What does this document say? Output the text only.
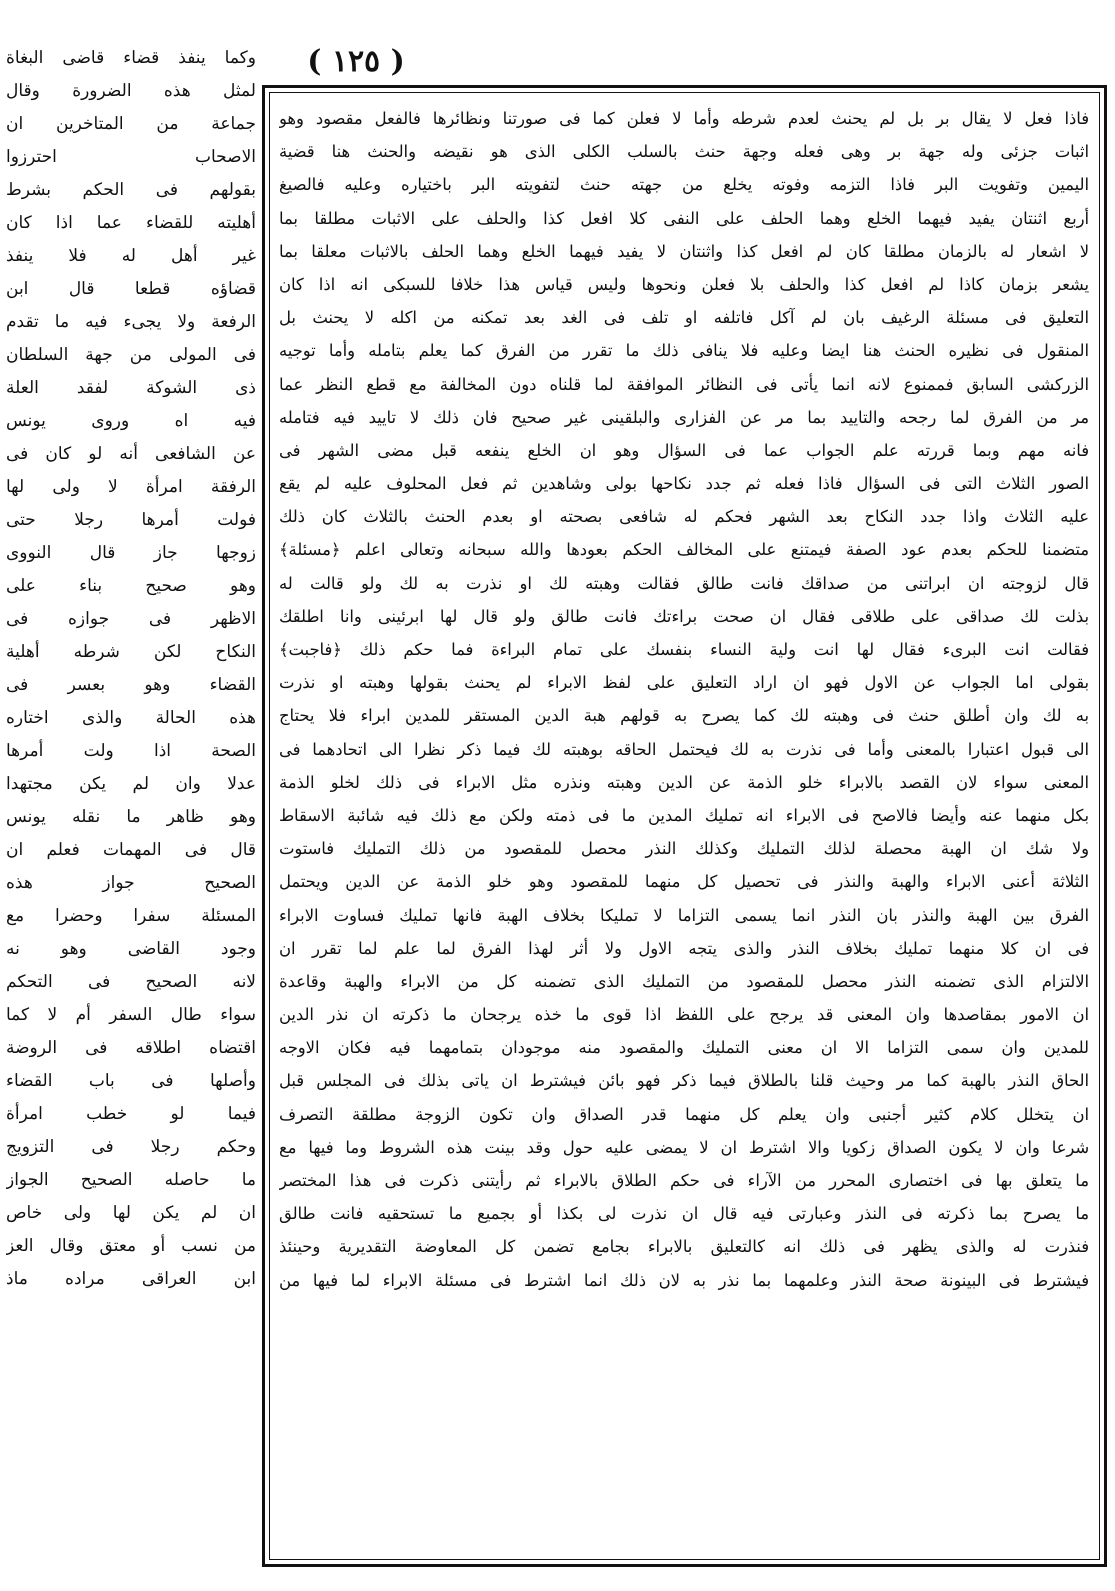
( ١٢٥ )
وكما ينفذ قضاء قاضى البغاة
لمثل هذه الضرورة وقال
جماعة من المتاخرين ان
الاصحاب احترزوا
بقولهم فى الحكم بشرط
أهليته للقضاء عما اذا كان
غير أهل له فلا ينفذ
قضاؤه قطعا قال ابن
الرفعة ولا يجىء فيه ما تقدم
فى المولى من جهة السلطان
ذى الشوكة لفقد العلة
فيه اه وروى يونس
عن الشافعى أنه لو كان فى
الرفقة امرأة لا ولى لها
فولت أمرها رجلا حتى
زوجها جاز قال النووى
وهو صحيح بناء على
الاظهر فى جوازه فى
النكاح لكن شرطه أهلية
القضاء وهو بعسر فى
هذه الحالة والذى اختاره
الصحة اذا ولت أمرها
عدلا وان لم يكن مجتهدا
وهو ظاهر ما نقله يونس
قال فى المهمات فعلم ان
الصحيح جواز هذه
المسئلة سفرا وحضرا مع
وجود القاضى وهو نه
لانه الصحيح فى التحكم
سواء طال السفر أم لا كما
اقتضاه اطلاقه فى الروضة
وأصلها فى باب القضاء
فيما لو خطب امرأة
وحكم رجلا فى التزويج
ما حاصله الصحيح الجواز
ان لم يكن لها ولى خاص
من نسب أو معتق وقال العز
ابن العراقى مراده ماذ
فاذا فعل لا يقال بر بل لم يحنث لعدم شرطه وأما لا فعلن كما فى صورتنا ونظائرها فالفعل مقصود وهو
اثبات جزئى وله جهة بر وهى فعله وجهة حنث بالسلب الكلى الذى هو نقيضه والحنث هنا قضية
اليمين وتفويت البر فاذا التزمه وفوته يخلع من جهته حنث لتفويته البر باختياره وعليه فالصيغ
أربع اثنتان يفيد فيهما الخلع وهما الحلف على النفى كلا افعل كذا والحلف على الاثبات مطلقا بما
لا اشعار له بالزمان مطلقا كان لم افعل كذا واثنتان لا يفيد فيهما الخلع وهما الحلف بالاثبات معلقا بما
يشعر بزمان كاذا لم افعل كذا والحلف بلا فعلن ونحوها وليس قياس هذا خلافا للسبكى انه اذا كان
التعليق فى مسئلة الرغيف بان لم آكل فاتلفه او تلف فى الغد بعد تمكنه من اكله لا يحنث بل
المنقول فى نظيره الحنث هنا ايضا وعليه فلا ينافى ذلك ما تقرر من الفرق كما يعلم بتامله وأما توجيه
الزركشى السابق فممنوع لانه انما يأتى فى النظائر الموافقة لما قلناه دون المخالفة مع قطع النظر عما
مر من الفرق لما رجحه والتاييد بما مر عن الفزارى والبلقينى غير صحيح فان ذلك لا تاييد فيه فتامله
فانه مهم وبما قررته علم الجواب عما فى السؤال وهو ان الخلع ينفعه قبل مضى الشهر فى
الصور الثلاث التى فى السؤال فاذا فعله ثم جدد نكاحها بولى وشاهدين ثم فعل المحلوف عليه لم يقع
عليه الثلاث واذا جدد النكاح بعد الشهر فحكم له شافعى بصحته او بعدم الحنث بالثلاث كان ذلك
متضمنا للحكم بعدم عود الصفة فيمتنع على المخالف الحكم بعودها والله سبحانه وتعالى اعلم ﴿مسئلة﴾
قال لزوجته ان ابراتنى من صداقك فانت طالق فقالت وهبته لك او نذرت به لك ولو قالت له
بذلت لك صداقى على طلاقى فقال ان صحت براءتك فانت طالق ولو قال لها ابرئينى وانا اطلقك
فقالت انت البرىء فقال لها انت ولية النساء بنفسك على تمام البراءة فما حكم ذلك ﴿فاجبت﴾
بقولى اما الجواب عن الاول فهو ان اراد التعليق على لفظ الابراء لم يحنث بقولها وهبته او نذرت
به لك وان أطلق حنث فى وهبته لك كما يصرح به قولهم هبة الدين المستقر للمدين ابراء فلا يحتاج
الى قبول اعتبارا بالمعنى وأما فى نذرت به لك فيحتمل الحاقه بوهبته لك فيما ذكر نظرا الى اتحادهما فى
المعنى سواء لان القصد بالابراء خلو الذمة عن الدين وهبته ونذره مثل الابراء فى ذلك لخلو الذمة
بكل منهما عنه وأيضا فالاصح فى الابراء انه تمليك المدين ما فى ذمته ولكن مع ذلك فيه شائبة الاسقاط
ولا شك ان الهبة محصلة لذلك التمليك وكذلك النذر محصل للمقصود من ذلك التمليك فاستوت
الثلاثة أعنى الابراء والهبة والنذر فى تحصيل كل منهما للمقصود وهو خلو الذمة عن الدين ويحتمل
الفرق بين الهبة والنذر بان النذر انما يسمى التزاما لا تمليكا بخلاف الهبة فانها تمليك فساوت الابراء
فى ان كلا منهما تمليك بخلاف النذر والذى يتجه الاول ولا أثر لهذا الفرق لما علم لما تقرر ان
الالتزام الذى تضمنه النذر محصل للمقصود من التمليك الذى تضمنه كل من الابراء والهبة وقاعدة
ان الامور بمقاصدها وان المعنى قد يرجح على اللفظ اذا قوى ما خذه يرجحان ما ذكرته ان نذر الدين
للمدين وان سمى التزاما الا ان معنى التمليك والمقصود منه موجودان بتمامهما فيه فكان الاوجه
الحاق النذر بالهبة كما مر وحيث قلنا بالطلاق فيما ذكر فهو بائن فيشترط ان ياتى بذلك فى المجلس قبل
ان يتخلل كلام كثير أجنبى وان يعلم كل منهما قدر الصداق وان تكون الزوجة مطلقة التصرف
شرعا وان لا يكون الصداق زكويا والا اشترط ان لا يمضى عليه حول وقد بينت هذه الشروط وما فيها مع
ما يتعلق بها فى اختصارى المحرر من الآراء فى حكم الطلاق بالابراء ثم رأيتنى ذكرت فى هذا المختصر
ما يصرح بما ذكرته فى النذر وعبارتى فيه قال ان نذرت لى بكذا أو بجميع ما تستحقيه فانت طالق
فنذرت له والذى يظهر فى ذلك انه كالتعليق بالابراء بجامع تضمن كل المعاوضة التقديرية وحينئذ
فيشترط فى البينونة صحة النذر وعلمهما بما نذر به لان ذلك انما اشترط فى مسئلة الابراء لما فيها من
